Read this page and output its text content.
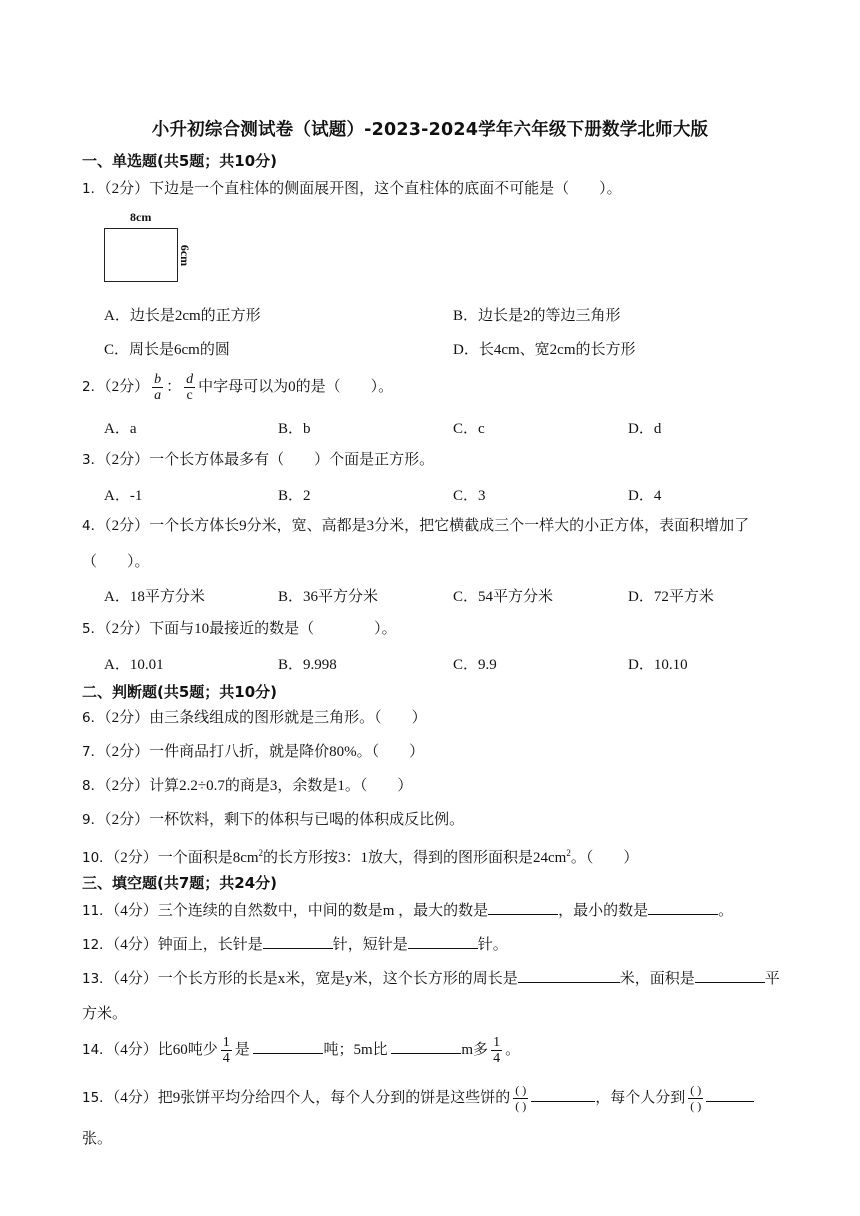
小升初综合测试卷（试题）-2023-2024学年六年级下册数学北师大版
一、单选题(共5题；共10分)
1．（2分）下边是一个直柱体的侧面展开图，这个直柱体的底面不可能是（　　）。
8cm
6cm
A．边长是2cm的正方形	B．边长是2的等边三角形
C．周长是6cm的圆	D．长4cm、宽2cm的长方形
2．（2分） $\frac{b}{a}$ ： $\frac{d}{c}$ 中字母可以为0的是（　　）。
A．a	B．b	C．c	D．d
3．（2分）一个长方体最多有（　　）个面是正方形。
A．-1	B．2	C．3	D．4
4．（2分）一个长方体长9分米，宽、高都是3分米，把它横截成三个一样大的小正方体，表面积增加了
（　　）。
A．18平方分米	B．36平方分米	C．54平方分米	D．72平方米
5．（2分）下面与10最接近的数是（　　　　）。
A．10.01	B．9.998	C．9.9	D．10.10
二、判断题(共5题；共10分)
6．（2分）由三条线组成的图形就是三角形。（　　）
7．（2分）一件商品打八折，就是降价80%。（　　）
8．（2分）计算2.2÷0.7的商是3，余数是1。（　　）
9．（2分）一杯饮料，剩下的体积与已喝的体积成反比例。
10．（2分）一个面积是$8cm^2$的长方形按3：1放大，得到的图形面积是$24cm^2$。（　　）
三、填空题(共7题；共24分)
11．（4分）三个连续的自然数中，中间的数是m ，最大的数是	，最小的数是	。
12．（4分）钟面上，长针是	针，短针是	针。
13．（4分）一个长方形的长是x米，宽是y米，这个长方形的周长是	米，面积是	平
方米。
14．（4分）比60吨少 $\frac{1}{4}$ 是	吨；5m比	m多 $\frac{1}{4}$ 。
15．（4分）把9张饼平均分给四个人，每个人分到的饼是这些饼的 $\frac{( )}{( )}$	，每个人分到 $\frac{( )}{( )}$
张。
